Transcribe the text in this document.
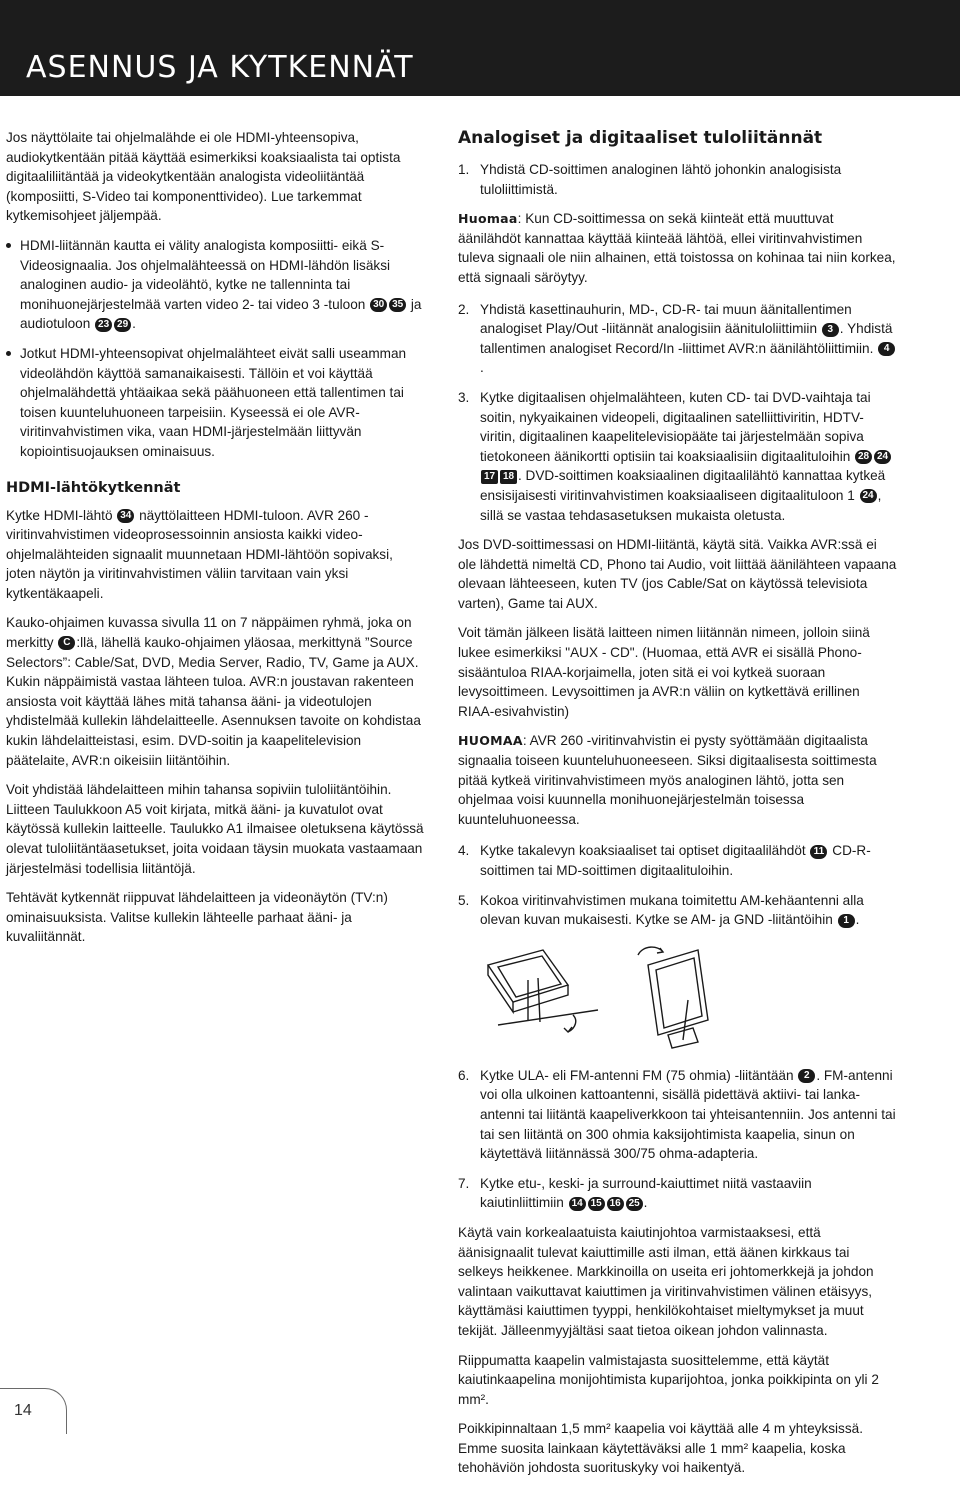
ASENNUS JA KYTKENNÄT

Jos näyttölaite tai ohjelmalähde ei ole HDMI-yhteensopiva, audiokytkentään pitää käyttää esimerkiksi koaksiaalista tai optista digitaaliliitäntää ja videokytkentään analogista videoliitäntää (komposiitti, S-Video tai komponenttivideo). Lue tarkemmat kytkemisohjeet jäljempää.

HDMI-liitännän kautta ei välity analogista komposiitti- eikä S-Videosignaalia. Jos ohjelmalähteessä on HDMI-lähdön lisäksi analoginen audio- ja videolähtö, kytke ne tallenninta tai monihuonejärjestelmää varten video 2- tai video 3 -tuloon 30 35 ja audiotuloon 23 29 .

Jotkut HDMI-yhteensopivat ohjelmalähteet eivät salli useamman videolähdön käyttöä samanaikaisesti. Tällöin et voi käyttää ohjelmalähdettä yhtäaikaa sekä päähuoneen että tallentimen tai toisen kuunteluhuoneen tarpeisiin. Kyseessä ei ole AVR-viritinvahvistimen vika, vaan HDMI-järjestelmään liittyvän kopiointisuojauksen ominaisuus.

HDMI-lähtökytkennät

Kytke HDMI-lähtö 34 näyttölaitteen HDMI-tuloon. AVR 260 -viritinvahvistimen videoprosessoinnin ansiosta kaikki videoohjelmalähteiden signaalit muunnetaan HDMI-lähtöön sopivaksi, joten näytön ja viritinvahvistimen väliin tarvitaan vain yksi kytkentäkaapeli.

Kauko-ohjaimen kuvassa sivulla 11 on 7 näppäimen ryhmä, joka on merkitty C :llä, lähellä kauko-ohjaimen yläosaa, merkittynä ”Source Selectors”: Cable/Sat, DVD, Media Server, Radio, TV, Game ja AUX. Kukin näppäimistä vastaa lähteen tuloa. AVR:n joustavan rakenteen ansiosta voit käyttää lähes mitä tahansa ääni- ja videotulojen yhdistelmää kullekin lähdelaitteelle. Asennuksen tavoite on kohdistaa kukin lähdelaitteistasi, esim. DVD-soitin ja kaapelitelevision päätelaite, AVR:n oikeisiin liitäntöihin.

Voit yhdistää lähdelaitteen mihin tahansa sopiviin tuloliitäntöihin. Liitteen Taulukkoon A5 voit kirjata, mitkä ääni- ja kuvatulot ovat käytössä kullekin laitteelle. Taulukko A1 ilmaisee oletuksena käytössä olevat tuloliitäntäasetukset, joita voidaan täysin muokata vastaamaan järjestelmäsi todellisia liitäntöjä.

Tehtävät kytkennät riippuvat lähdelaitteen ja videonäytön (TV:n) ominaisuuksista. Valitse kullekin lähteelle parhaat ääni- ja kuvaliitännät.

Analogiset ja digitaaliset tuloliitännät

1. Yhdistä CD-soittimen analoginen lähtö johonkin analogisista tuloliittimistä.

Huomaa: Kun CD-soittimessa on sekä kiinteät että muuttuvat äänilähdöt kannattaa käyttää kiinteää lähtöä, ellei viritinvahvistimen tuleva signaali ole niin alhainen, että toistossa on kohinaa tai niin korkea, että signaali säröytyy.

2. Yhdistä kasettinauhurin, MD-, CD-R- tai muun äänitallentimen analogiset Play/Out -liitännät analogisiin äänituloliittimiin 3 . Yhdistä tallentimen analogiset Record/In -liittimet AVR:n äänilähtöliittimiin. 4.

3. Kytke digitaalisen ohjelmalähteen, kuten CD- tai DVD-vaihtaja tai soitin, nykyaikainen videopeli, digitaalinen satelliittiviritin, HDTV-viritin, digitaalinen kaapelitelevisiopääte tai järjestelmään sopiva tietokoneen äänikortti optisiin tai koaksiaalisiin digitaalituloihin 28 2417 18 . DVD-soittimen koaksiaalinen digitaalilähtö kannattaa kytkeä ensisijaisesti viritinvahvistimen koaksiaaliseen digitaalituloon 1 24 , sillä se vastaa tehdasasetuksen mukaista oletusta.

Jos DVD-soittimessasi on HDMI-liitäntä, käytä sitä. Vaikka AVR:ssä ei ole lähdettä nimeltä CD, Phono tai Audio, voit liittää äänilähteen vapaana olevaan lähteeseen, kuten TV (jos Cable/Sat on käytössä televisiota varten), Game tai AUX.

Voit tämän jälkeen lisätä laitteen nimen liitännän nimeen, jolloin siinä lukee esimerkiksi "AUX - CD". (Huomaa, että AVR ei sisällä Phono-sisääntuloa RIAA-korjaimella, joten sitä ei voi kytkeä suoraan levysoittimeen. Levysoittimen ja AVR:n väliin on kytkettävä erillinen RIAA-esivahvistin)

HUOMAA: AVR 260 -viritinvahvistin ei pysty syöttämään digitaalista signaalia toiseen kuunteluhuoneeseen. Siksi digitaalisesta soittimesta pitää kytkeä viritinvahvistimeen myös analoginen lähtö, jotta sen ohjelmaa voisi kuunnella monihuonejärjestelmän toisessa kuunteluhuoneessa.

4. Kytke takalevyn koaksiaaliset tai optiset digitaalilähdöt 11 CD-R-soittimen tai MD-soittimen digitaalituloihin.

5. Kokoa viritinvahvistimen mukana toimitettu AM-kehäantenni alla olevan kuvan mukaisesti. Kytke se AM- ja GND -liitäntöihin 1 .

6. Kytke ULA- eli FM-antenni FM (75 ohmia) -liitäntään 2 . FM-antenni voi olla ulkoinen kattoantenni, sisällä pidettävä aktiivi- tai lanka-antenni tai liitäntä kaapeliverkkoon tai yhteisantenniin. Jos antenni tai tai sen liitäntä on 300 ohmia kaksijohtimista kaapelia, sinun on käytettävä liitännässä 300/75 ohma-adapteria.

7. Kytke etu-, keski- ja surround-kaiuttimet niitä vastaaviin kaiutinliittimiin 14 15 16 25 .

Käytä vain korkealaatuista kaiutinjohtoa varmistaaksesi, että äänisignaalit tulevat kaiuttimille asti ilman, että äänen kirkkaus tai selkeys heikkenee. Markkinoilla on useita eri johtomerkkejä ja johdon valintaan vaikuttavat kaiuttimen ja viritinvahvistimen välinen etäisyys, käyttämäsi kaiuttimen tyyppi, henkilökohtaiset mieltymykset ja muut tekijät. Jälleenmyyjältäsi saat tietoa oikean johdon valinnasta.

Riippumatta kaapelin valmistajasta suosittelemme, että käytät kaiutinkaapelina monijohtimista kuparijohtoa, jonka poikkipinta on yli 2 mm².

Poikkipinnaltaan 1,5 mm² kaapelia voi käyttää alle 4 m yhteyksissä. Emme suosita lainkaan käytettäväksi alle 1 mm² kaapelia, koska tehohäviön johdosta suorituskyky voi haikentyä.

14
